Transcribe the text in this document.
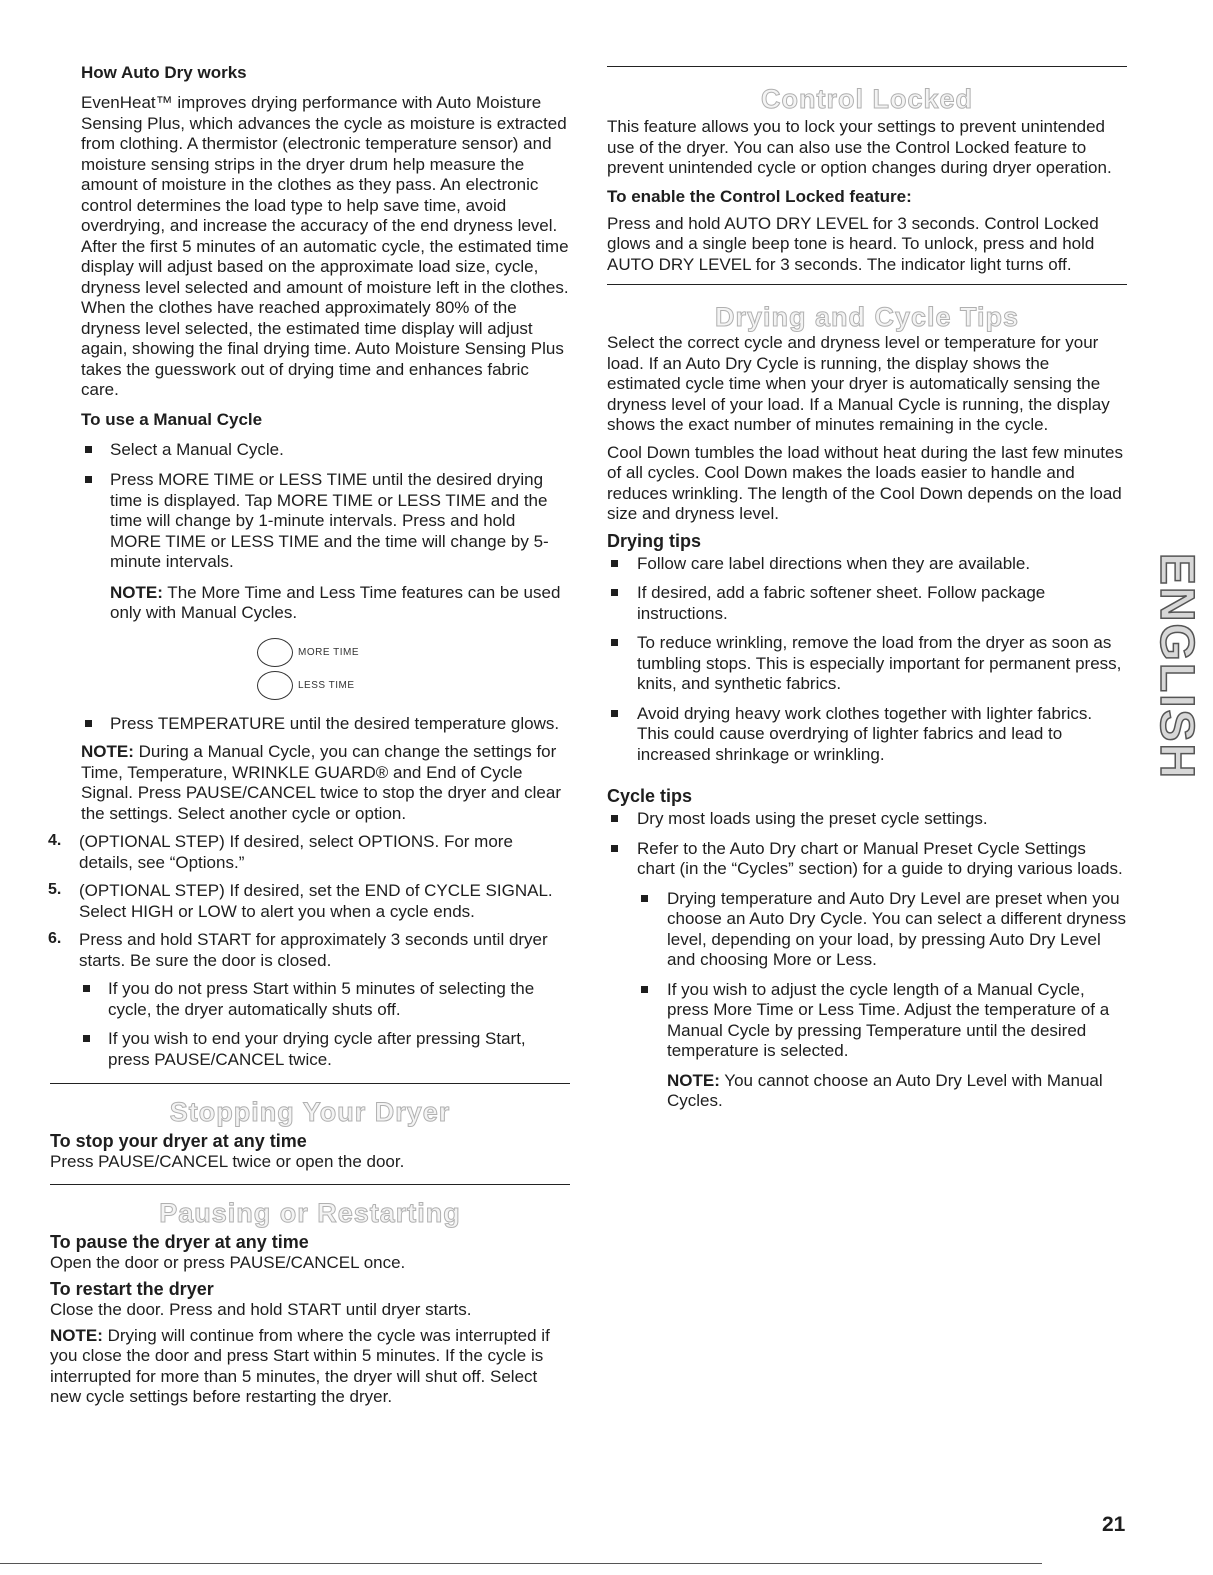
How Auto Dry works

EvenHeat™ improves drying performance with Auto Moisture Sensing Plus, which advances the cycle as moisture is extracted from clothing. A thermistor (electronic temperature sensor) and moisture sensing strips in the dryer drum help measure the amount of moisture in the clothes as they pass. An electronic control determines the load type to help save time, avoid overdrying, and increase the accuracy of the end dryness level. After the first 5 minutes of an automatic cycle, the estimated time display will adjust based on the approximate load size, cycle, dryness level selected and amount of moisture left in the clothes. When the clothes have reached approximately 80% of the dryness level selected, the estimated time display will adjust again, showing the final drying time. Auto Moisture Sensing Plus takes the guesswork out of drying time and enhances fabric care.

To use a Manual Cycle

Select a Manual Cycle.

Press MORE TIME or LESS TIME until the desired drying time is displayed. Tap MORE TIME or LESS TIME and the time will change by 1-minute intervals. Press and hold MORE TIME or LESS TIME and the time will change by 5-minute intervals.

NOTE: The More Time and Less Time features can be used only with Manual Cycles.

MORE TIME
LESS TIME

Press TEMPERATURE until the desired temperature glows.

NOTE: During a Manual Cycle, you can change the settings for Time, Temperature, WRINKLE GUARD® and End of Cycle Signal. Press PAUSE/CANCEL twice to stop the dryer and clear the settings. Select another cycle or option.

4. (OPTIONAL STEP) If desired, select OPTIONS. For more details, see “Options.”

5. (OPTIONAL STEP) If desired, set the END of CYCLE SIGNAL. Select HIGH or LOW to alert you when a cycle ends.

6. Press and hold START for approximately 3 seconds until dryer starts. Be sure the door is closed.

If you do not press Start within 5 minutes of selecting the cycle, the dryer automatically shuts off.

If you wish to end your drying cycle after pressing Start, press PAUSE/CANCEL twice.

Stopping Your Dryer

To stop your dryer at any time

Press PAUSE/CANCEL twice or open the door.

Pausing or Restarting

To pause the dryer at any time

Open the door or press PAUSE/CANCEL once.

To restart the dryer

Close the door. Press and hold START until dryer starts.

NOTE: Drying will continue from where the cycle was interrupted if you close the door and press Start within 5 minutes. If the cycle is interrupted for more than 5 minutes, the dryer will shut off. Select new cycle settings before restarting the dryer.

Control Locked

This feature allows you to lock your settings to prevent unintended use of the dryer. You can also use the Control Locked feature to prevent unintended cycle or option changes during dryer operation.

To enable the Control Locked feature:

Press and hold AUTO DRY LEVEL for 3 seconds. Control Locked glows and a single beep tone is heard. To unlock, press and hold AUTO DRY LEVEL for 3 seconds. The indicator light turns off.

Drying and Cycle Tips

Select the correct cycle and dryness level or temperature for your load. If an Auto Dry Cycle is running, the display shows the estimated cycle time when your dryer is automatically sensing the dryness level of your load. If a Manual Cycle is running, the display shows the exact number of minutes remaining in the cycle.

Cool Down tumbles the load without heat during the last few minutes of all cycles. Cool Down makes the loads easier to handle and reduces wrinkling. The length of the Cool Down depends on the load size and dryness level.

Drying tips

Follow care label directions when they are available.

If desired, add a fabric softener sheet. Follow package instructions.

To reduce wrinkling, remove the load from the dryer as soon as tumbling stops. This is especially important for permanent press, knits, and synthetic fabrics.

Avoid drying heavy work clothes together with lighter fabrics. This could cause overdrying of lighter fabrics and lead to increased shrinkage or wrinkling.

Cycle tips

Dry most loads using the preset cycle settings.

Refer to the Auto Dry chart or Manual Preset Cycle Settings chart (in the “Cycles” section) for a guide to drying various loads.

Drying temperature and Auto Dry Level are preset when you choose an Auto Dry Cycle. You can select a different dryness level, depending on your load, by pressing Auto Dry Level and choosing More or Less.

If you wish to adjust the cycle length of a Manual Cycle, press More Time or Less Time. Adjust the temperature of a Manual Cycle by pressing Temperature until the desired temperature is selected.

NOTE: You cannot choose an Auto Dry Level with Manual Cycles.

ENGLISH
21
